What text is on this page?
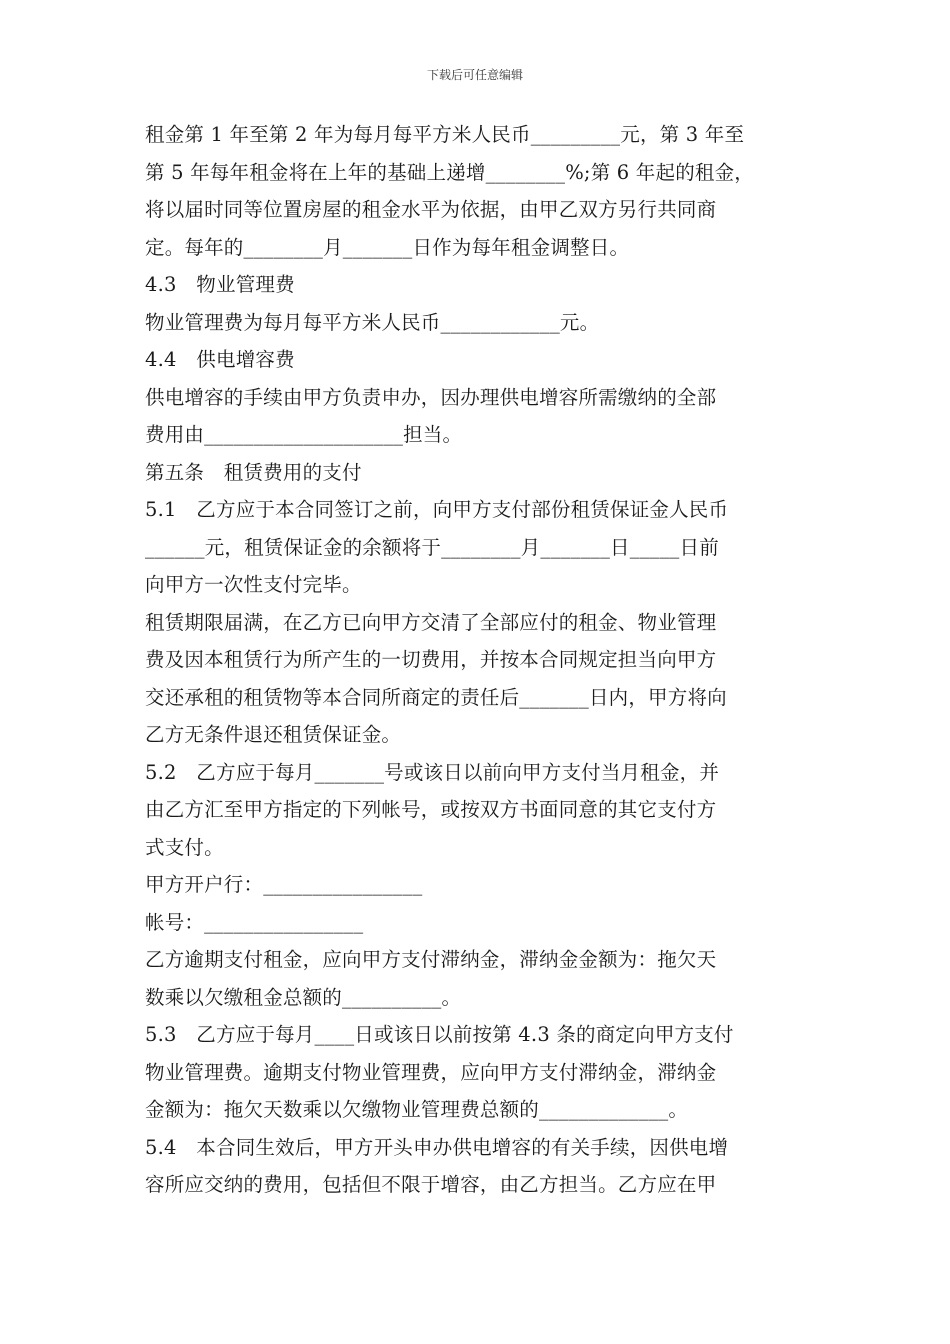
下载后可任意编辑
租金第 1 年至第 2 年为每月每平方米人民币_________元，第 3 年至
第 5 年每年租金将在上年的基础上递增________%;第 6 年起的租金，
将以届时同等位置房屋的租金水平为依据，由甲乙双方另行共同商
定。每年的________月_______日作为每年租金调整日。
4.3　物业管理费
物业管理费为每月每平方米人民币____________元。
4.4　供电增容费
供电增容的手续由甲方负责申办，因办理供电增容所需缴纳的全部
费用由____________________担当。
第五条　租赁费用的支付
5.1　乙方应于本合同签订之前，向甲方支付部份租赁保证金人民币
______元，租赁保证金的余额将于________月_______日_____日前
向甲方一次性支付完毕。
租赁期限届满，在乙方已向甲方交清了全部应付的租金、物业管理
费及因本租赁行为所产生的一切费用，并按本合同规定担当向甲方
交还承租的租赁物等本合同所商定的责任后_______日内，甲方将向
乙方无条件退还租赁保证金。
5.2　乙方应于每月_______号或该日以前向甲方支付当月租金，并
由乙方汇至甲方指定的下列帐号，或按双方书面同意的其它支付方
式支付。
甲方开户行：________________
帐号：________________
乙方逾期支付租金，应向甲方支付滞纳金，滞纳金金额为：拖欠天
数乘以欠缴租金总额的__________。
5.3　乙方应于每月____日或该日以前按第 4.3 条的商定向甲方支付
物业管理费。逾期支付物业管理费，应向甲方支付滞纳金，滞纳金
金额为：拖欠天数乘以欠缴物业管理费总额的_____________。
5.4　本合同生效后，甲方开头申办供电增容的有关手续，因供电增
容所应交纳的费用，包括但不限于增容，由乙方担当。乙方应在甲
